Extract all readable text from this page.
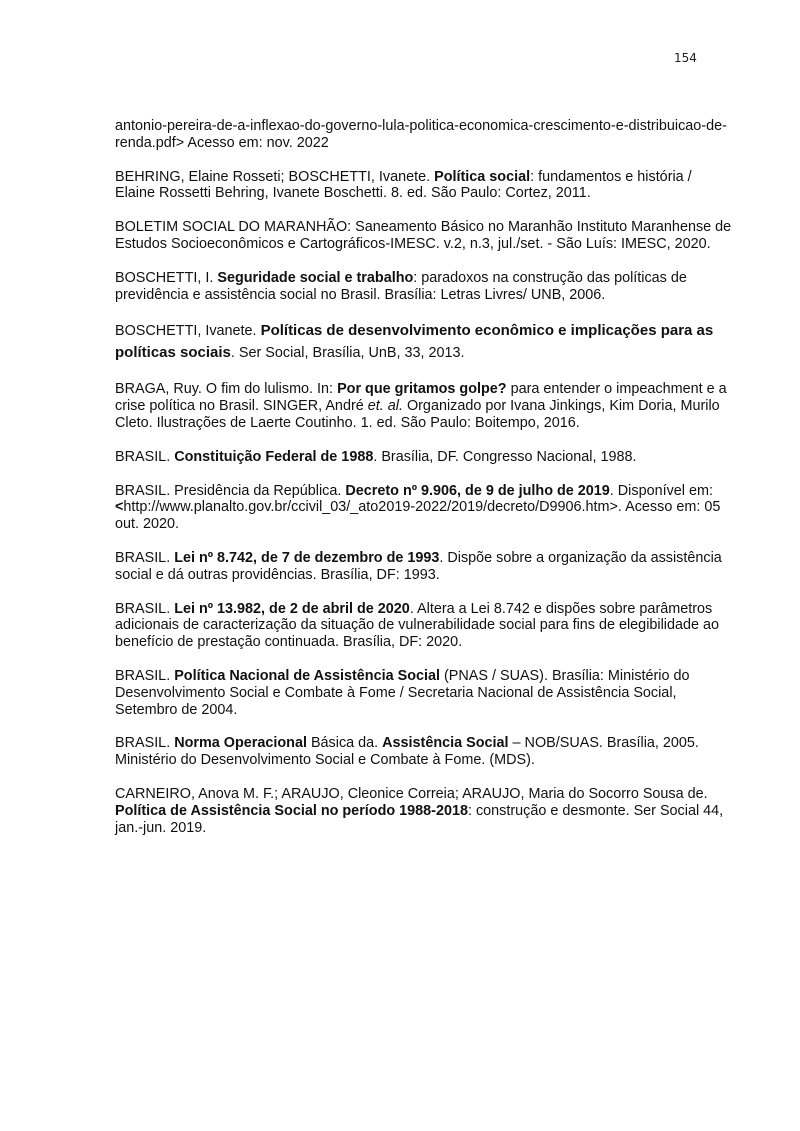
154

antonio-pereira-de-a-inflexao-do-governo-lula-politica-economica-crescimento-e-distribuicao-de-renda.pdf> Acesso em: nov. 2022

BEHRING, Elaine Rosseti; BOSCHETTI, Ivanete. Política social: fundamentos e história / Elaine Rossetti Behring, Ivanete Boschetti. 8. ed. São Paulo: Cortez, 2011.

BOLETIM SOCIAL DO MARANHÃO: Saneamento Básico no Maranhão Instituto Maranhense de Estudos Socioeconômicos e Cartográficos-IMESC. v.2, n.3, jul./set. - São Luís: IMESC, 2020.

BOSCHETTI, I. Seguridade social e trabalho: paradoxos na construção das políticas de previdência e assistência social no Brasil. Brasília: Letras Livres/ UNB, 2006.

BOSCHETTI, Ivanete. Políticas de desenvolvimento econômico e implicações para as políticas sociais. Ser Social, Brasília, UnB, 33, 2013.

BRAGA, Ruy. O fim do lulismo. In: Por que gritamos golpe? para entender o impeachment e a crise política no Brasil. SINGER, André et. al. Organizado por Ivana Jinkings, Kim Doria, Murilo Cleto. Ilustrações de Laerte Coutinho. 1. ed. São Paulo: Boitempo, 2016.

BRASIL. Constituição Federal de 1988. Brasília, DF. Congresso Nacional, 1988.

BRASIL. Presidência da República. Decreto nº 9.906, de 9 de julho de 2019. Disponível em: <http://www.planalto.gov.br/ccivil_03/_ato2019-2022/2019/decreto/D9906.htm>. Acesso em: 05 out. 2020.

BRASIL. Lei nº 8.742, de 7 de dezembro de 1993. Dispõe sobre a organização da assistência social e dá outras providências. Brasília, DF: 1993.

BRASIL. Lei nº 13.982, de 2 de abril de 2020. Altera a Lei 8.742 e dispões sobre parâmetros adicionais de caracterização da situação de vulnerabilidade social para fins de elegibilidade ao benefício de prestação continuada. Brasília, DF: 2020.

BRASIL. Política Nacional de Assistência Social (PNAS / SUAS). Brasília: Ministério do Desenvolvimento Social e Combate à Fome / Secretaria Nacional de Assistência Social, Setembro de 2004.

BRASIL. Norma Operacional Básica da. Assistência Social – NOB/SUAS. Brasília, 2005. Ministério do Desenvolvimento Social e Combate à Fome. (MDS).

CARNEIRO, Anova M. F.; ARAUJO, Cleonice Correia; ARAUJO, Maria do Socorro Sousa de. Política de Assistência Social no período 1988-2018: construção e desmonte. Ser Social 44, jan.-jun. 2019.
